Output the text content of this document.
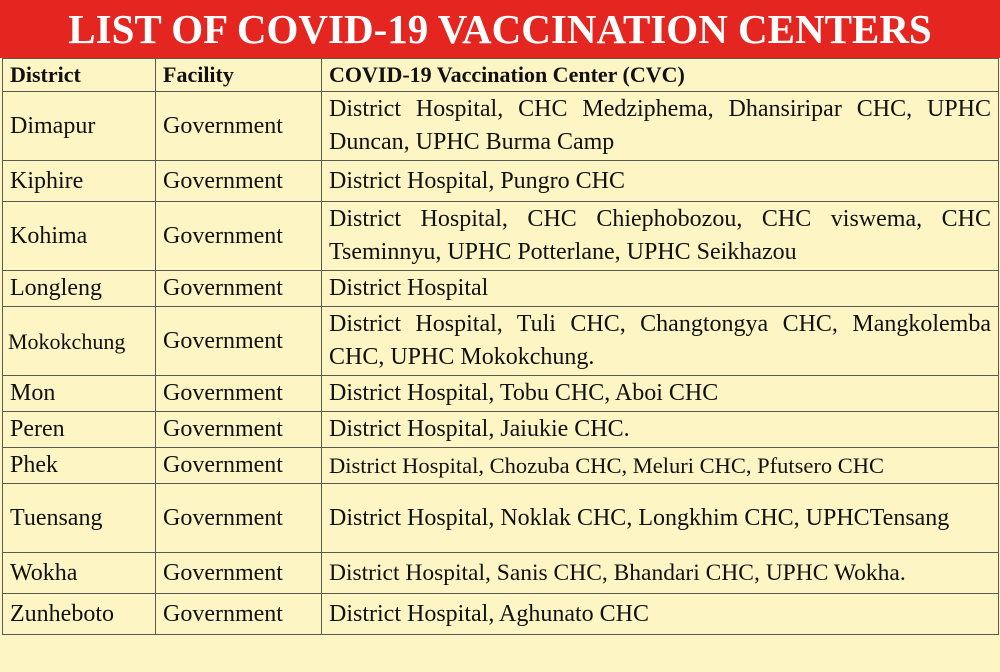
LIST OF COVID-19 VACCINATION CENTERS
District	Facility	COVID-19 Vaccination Center (CVC)
Dimapur	Government	District Hospital, CHC Medziphema, Dhansiripar CHC, UPHC Duncan, UPHC Burma Camp
Kiphire	Government	District Hospital, Pungro CHC
Kohima	Government	District Hospital, CHC Chiephobozou, CHC viswema, CHC Tseminnyu, UPHC Potterlane, UPHC Seikhazou
Longleng	Government	District Hospital
Mokokchung	Government	District Hospital, Tuli CHC, Changtongya CHC, Mangkolemba CHC, UPHC Mokokchung.
Mon	Government	District Hospital, Tobu CHC, Aboi CHC
Peren	Government	District Hospital, Jaiukie CHC.
Phek	Government	District Hospital, Chozuba CHC, Meluri CHC, Pfutsero CHC
Tuensang	Government	District Hospital, Noklak CHC, Longkhim CHC, UPHCTensang
Wokha	Government	District Hospital, Sanis CHC, Bhandari CHC, UPHC Wokha.
Zunheboto	Government	District Hospital, Aghunato CHC
